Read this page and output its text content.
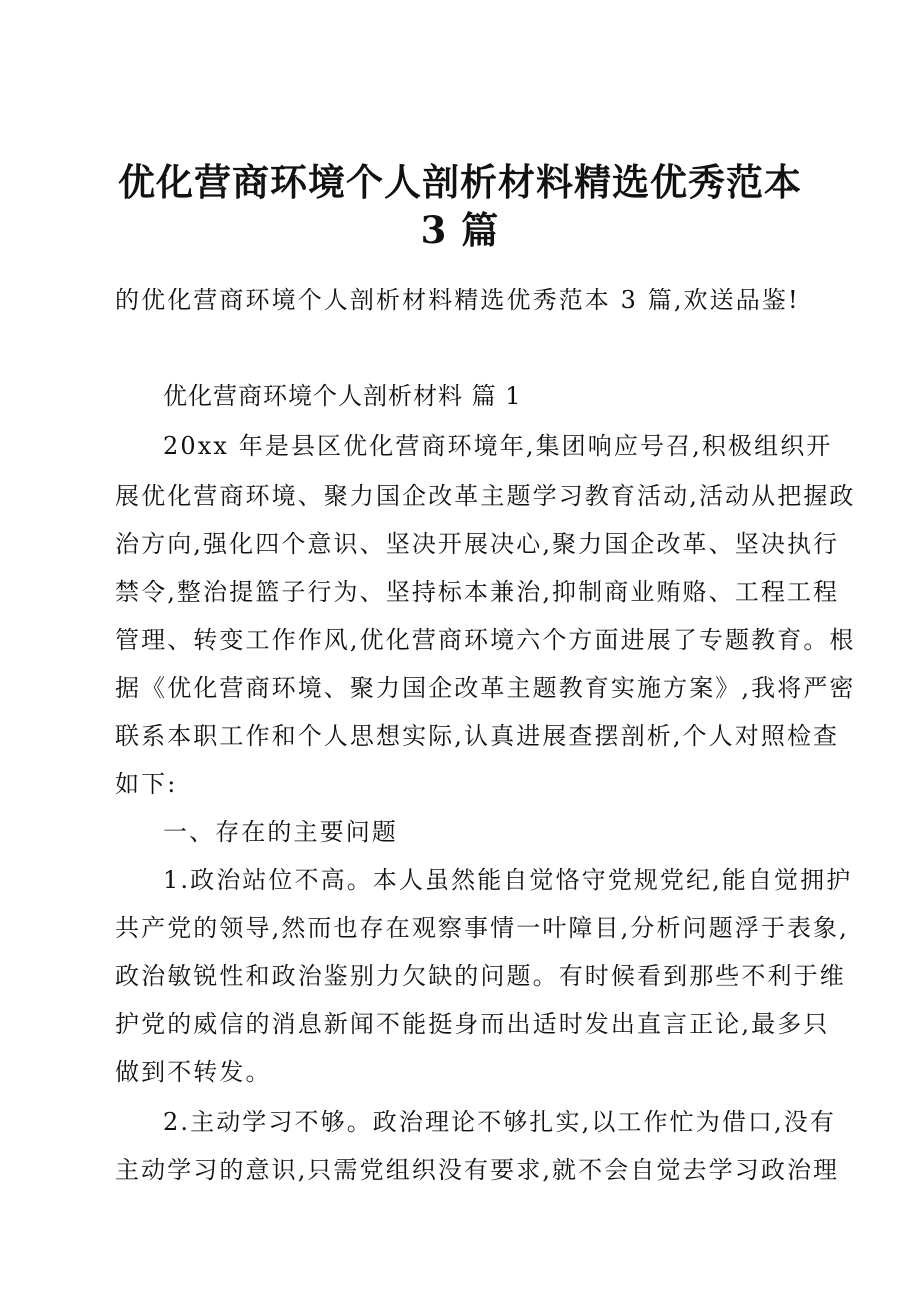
优化营商环境个人剖析材料精选优秀范本
3 篇
的优化营商环境个人剖析材料精选优秀范本 3 篇,欢送品鉴!
优化营商环境个人剖析材料 篇 1
20xx 年是县区优化营商环境年,集团响应号召,积极组织开
展优化营商环境、聚力国企改革主题学习教育活动,活动从把握政
治方向,强化四个意识、坚决开展决心,聚力国企改革、坚决执行
禁令,整治提篮子行为、坚持标本兼治,抑制商业贿赂、工程工程
管理、转变工作作风,优化营商环境六个方面进展了专题教育。根
据《优化营商环境、聚力国企改革主题教育实施方案》,我将严密
联系本职工作和个人思想实际,认真进展查摆剖析,个人对照检查
如下:
一、存在的主要问题
1.政治站位不高。本人虽然能自觉恪守党规党纪,能自觉拥护
共产党的领导,然而也存在观察事情一叶障目,分析问题浮于表象,
政治敏锐性和政治鉴别力欠缺的问题。有时候看到那些不利于维
护党的威信的消息新闻不能挺身而出适时发出直言正论,最多只
做到不转发。
2.主动学习不够。政治理论不够扎实,以工作忙为借口,没有
主动学习的意识,只需党组织没有要求,就不会自觉去学习政治理
